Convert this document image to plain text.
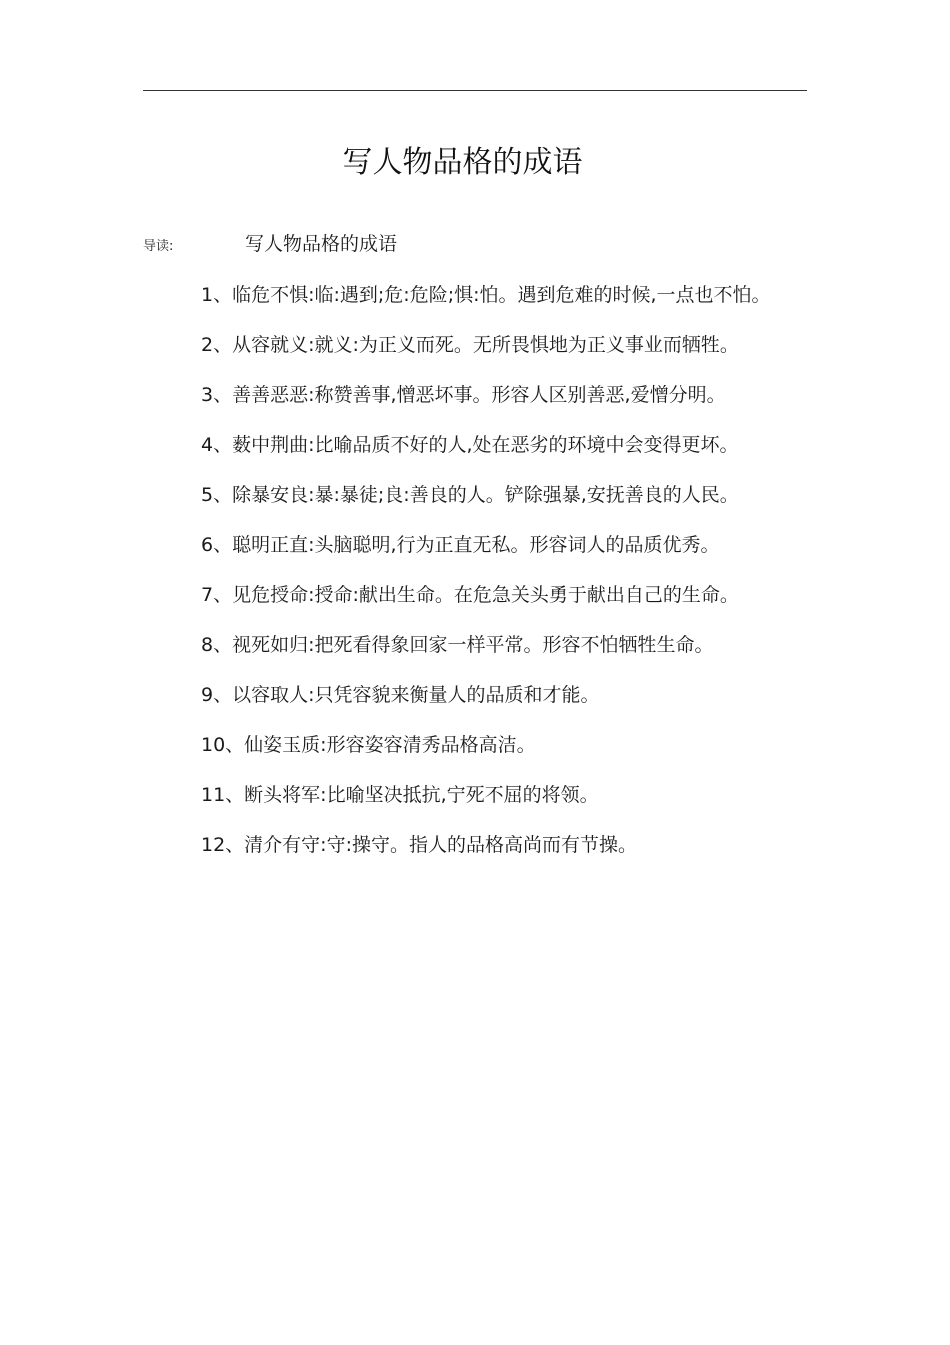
写人物品格的成语
导读:	写人物品格的成语

1、临危不惧:临:遇到;危:危险;惧:怕。遇到危难的时候,一点也不怕。

2、从容就义:就义:为正义而死。无所畏惧地为正义事业而牺牲。

3、善善恶恶:称赞善事,憎恶坏事。形容人区别善恶,爱憎分明。

4、薮中荆曲:比喻品质不好的人,处在恶劣的环境中会变得更坏。

5、除暴安良:暴:暴徒;良:善良的人。铲除强暴,安抚善良的人民。

6、聪明正直:头脑聪明,行为正直无私。形容词人的品质优秀。

7、见危授命:授命:献出生命。在危急关头勇于献出自己的生命。

8、视死如归:把死看得象回家一样平常。形容不怕牺牲生命。

9、以容取人:只凭容貌来衡量人的品质和才能。

10、仙姿玉质:形容姿容清秀品格高洁。

11、断头将军:比喻坚决抵抗,宁死不屈的将领。

12、清介有守:守:操守。指人的品格高尚而有节操。
